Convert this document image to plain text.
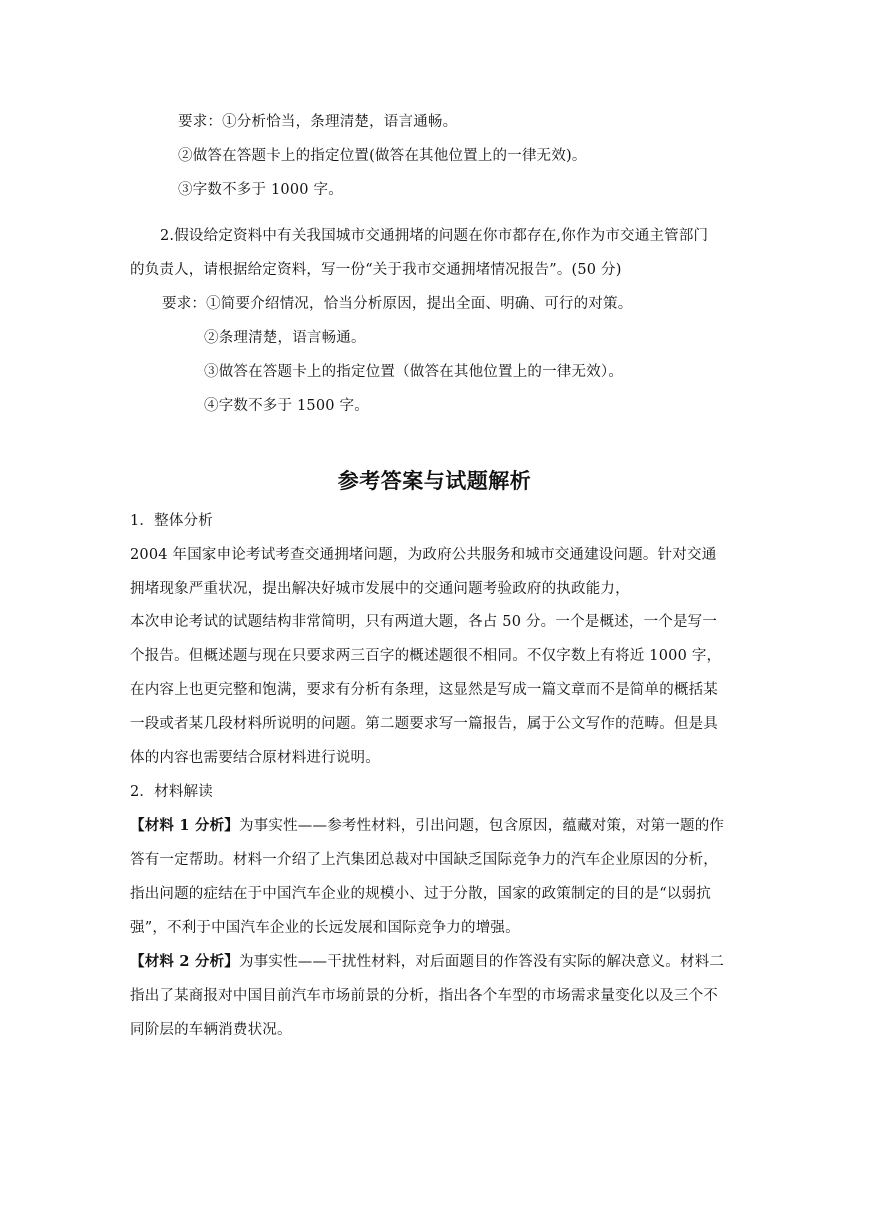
要求：①分析恰当，条理清楚，语言通畅。
②做答在答题卡上的指定位置(做答在其他位置上的一律无效)。
③字数不多于 1000 字。
2.假设给定资料中有关我国城市交通拥堵的问题在你市都存在,你作为市交通主管部门
的负责人，请根据给定资料，写一份“关于我市交通拥堵情况报告”。(50 分)
要求：①简要介绍情况，恰当分析原因，提出全面、明确、可行的对策。
②条理清楚，语言畅通。
③做答在答题卡上的指定位置（做答在其他位置上的一律无效）。
④字数不多于 1500 字。
参考答案与试题解析
1．整体分析
2004 年国家申论考试考查交通拥堵问题，为政府公共服务和城市交通建设问题。针对交通
拥堵现象严重状况，提出解决好城市发展中的交通问题考验政府的执政能力，
本次申论考试的试题结构非常简明，只有两道大题，各占 50 分。一个是概述，一个是写一
个报告。但概述题与现在只要求两三百字的概述题很不相同。不仅字数上有将近 1000 字，
在内容上也更完整和饱满，要求有分析有条理，这显然是写成一篇文章而不是简单的概括某
一段或者某几段材料所说明的问题。第二题要求写一篇报告，属于公文写作的范畴。但是具
体的内容也需要结合原材料进行说明。
2．材料解读
【材料 1 分析】为事实性——参考性材料，引出问题，包含原因，蕴藏对策，对第一题的作
答有一定帮助。材料一介绍了上汽集团总裁对中国缺乏国际竞争力的汽车企业原因的分析，
指出问题的症结在于中国汽车企业的规模小、过于分散，国家的政策制定的目的是“以弱抗
强”，不利于中国汽车企业的长远发展和国际竞争力的增强。
【材料 2 分析】为事实性——干扰性材料，对后面题目的作答没有实际的解决意义。材料二
指出了某商报对中国目前汽车市场前景的分析，指出各个车型的市场需求量变化以及三个不
同阶层的车辆消费状况。
